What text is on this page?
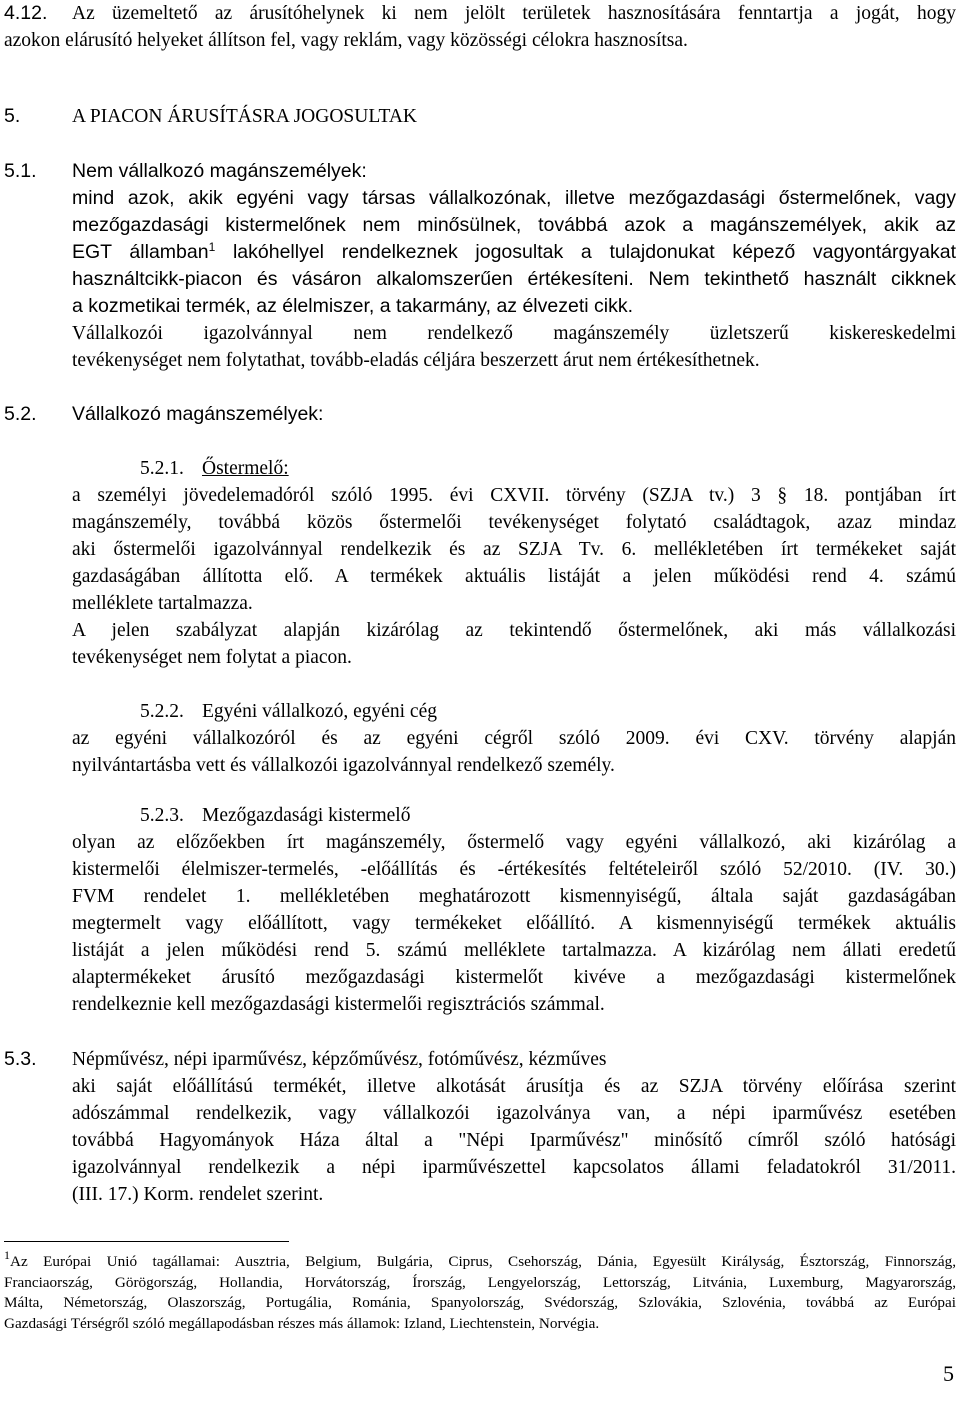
4.12. Az üzemeltető az árusítóhelynek ki nem jelölt területek hasznosítására fenntartja a jogát, hogy

azokon elárusító helyeket állítson fel, vagy reklám, vagy közösségi célokra hasznosítsa.

5.	A PIACON ÁRUSÍTÁSRA JOGOSULTAK
5.1. Nem vállalkozó magánszemélyek:

mind azok, akik egyéni vagy társas vállalkozónak, illetve mezőgazdasági őstermelőnek, vagy

mezőgazdasági kistermelőnek nem minősülnek, továbbá azok a magánszemélyek, akik az

EGT államban$^1$ lakóhellyel rendelkeznek jogosultak a tulajdonukat képező vagyontárgyakat

használtcikk-piacon és vásáron alkalomszerűen értékesíteni. Nem tekinthető használt cikknek

a kozmetikai termék, az élelmiszer, a takarmány, az élvezeti cikk.

Vállalkozói igazolvánnyal nem rendelkező magánszemély üzletszerű kiskereskedelmi

tevékenységet nem folytathat, tovább-eladás céljára beszerzett árut nem értékesíthetnek.

5.2. Vállalkozó magánszemélyek:

5.2.1. Őstermelő:

a személyi jövedelemadóról szóló 1995. évi CXVII. törvény (SZJA tv.) 3 § 18. pontjában írt

magánszemély, továbbá közös őstermelői tevékenységet folytató családtagok, azaz mindaz

aki őstermelői igazolvánnyal rendelkezik és az SZJA Tv. 6. mellékletében írt termékeket saját

gazdaságában állította elő. A termékek aktuális listáját a jelen működési rend 4. számú

melléklete tartalmazza.

A jelen szabályzat alapján kizárólag az tekintendő őstermelőnek, aki más vállalkozási

tevékenységet nem folytat a piacon.

5.2.2. Egyéni vállalkozó, egyéni cég

az egyéni vállalkozóról és az egyéni cégről szóló 2009. évi CXV. törvény alapján

nyilvántartásba vett és vállalkozói igazolvánnyal rendelkező személy.

5.2.3. Mezőgazdasági kistermelő

olyan az előzőekben írt magánszemély, őstermelő vagy egyéni vállalkozó, aki kizárólag a

kistermelői élelmiszer-termelés, -előállítás és -értékesítés feltételeiről szóló 52/2010. (IV. 30.)

FVM rendelet 1. mellékletében meghatározott kismennyiségű, általa saját gazdaságában

megtermelt vagy előállított, vagy termékeket előállító. A kismennyiségű termékek aktuális

listáját a jelen működési rend 5. számú melléklete tartalmazza. A kizárólag nem állati eredetű

alaptermékeket árusító mezőgazdasági kistermelőt kivéve a mezőgazdasági kistermelőnek

rendelkeznie kell mezőgazdasági kistermelői regisztrációs számmal.

5.3. Népművész, népi iparművész, képzőművész, fotóművész, kézműves

aki saját előállítású termékét, illetve alkotását árusítja és az SZJA törvény előírása szerint

adószámmal rendelkezik, vagy vállalkozói igazolványa van, a népi iparművész esetében

továbbá Hagyományok Háza által a "Népi Iparművész" minősítő címről szóló hatósági

igazolvánnyal rendelkezik a népi iparművészettel kapcsolatos állami feladatokról 31/2011.

(III. 17.) Korm. rendelet szerint.

$^1$Az Európai Unió tagállamai: Ausztria, Belgium, Bulgária, Ciprus, Csehország, Dánia, Egyesült Királyság, Észtország, Finnország,

Franciaország, Görögország, Hollandia, Horvátország, Írország, Lengyelország, Lettország, Litvánia, Luxemburg, Magyarország,

Málta, Németország, Olaszország, Portugália, Románia, Spanyolország, Svédország, Szlovákia, Szlovénia, továbbá az Európai

Gazdasági Térségről szóló megállapodásban részes más államok: Izland, Liechtenstein, Norvégia.

5
